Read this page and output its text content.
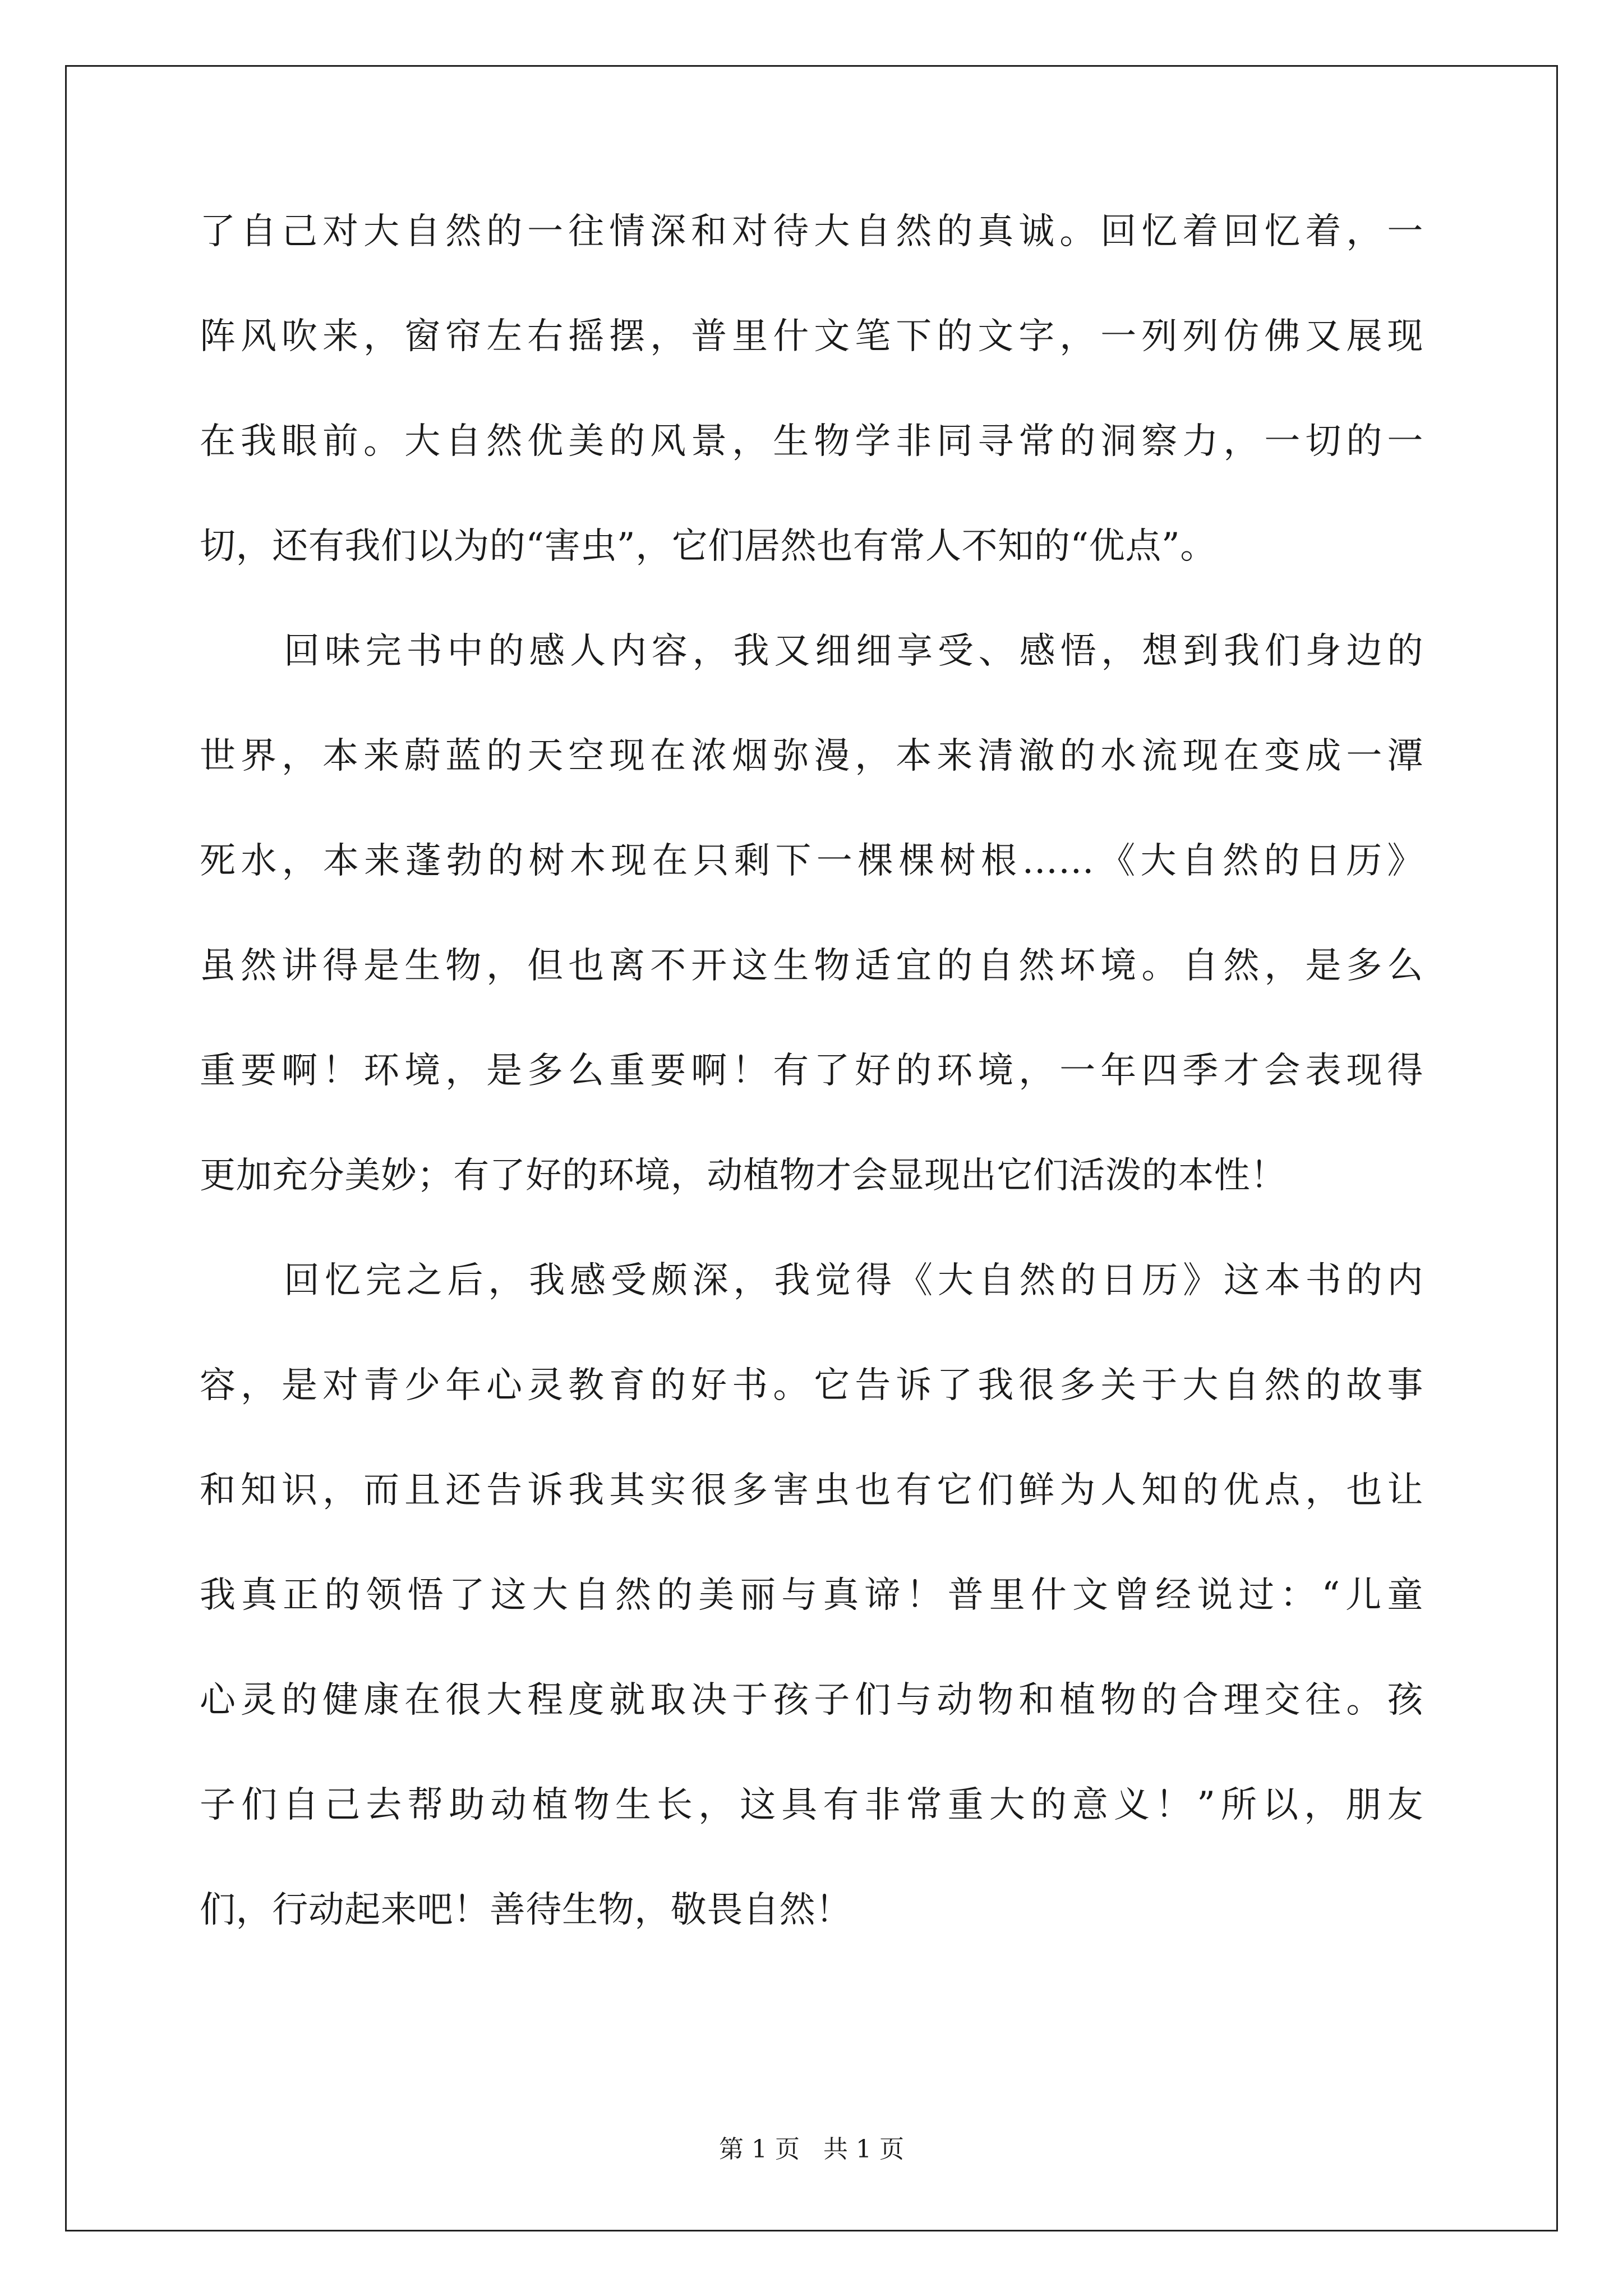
了自己对大自然的一往情深和对待大自然的真诚。回忆着回忆着，一
阵风吹来，窗帘左右摇摆，普里什文笔下的文字，一列列仿佛又展现
在我眼前。大自然优美的风景，生物学非同寻常的洞察力，一切的一
切，还有我们以为的“害虫”，它们居然也有常人不知的“优点”。
回味完书中的感人内容，我又细细享受、感悟，想到我们身边的
世界，本来蔚蓝的天空现在浓烟弥漫，本来清澈的水流现在变成一潭
死水，本来蓬勃的树木现在只剩下一棵棵树根……《大自然的日历》
虽然讲得是生物，但也离不开这生物适宜的自然坏境。自然，是多么
重要啊！环境，是多么重要啊！有了好的环境，一年四季才会表现得
更加充分美妙；有了好的环境，动植物才会显现出它们活泼的本性！
回忆完之后，我感受颇深，我觉得《大自然的日历》这本书的内
容，是对青少年心灵教育的好书。它告诉了我很多关于大自然的故事
和知识，而且还告诉我其实很多害虫也有它们鲜为人知的优点，也让
我真正的领悟了这大自然的美丽与真谛！普里什文曾经说过：“儿童
心灵的健康在很大程度就取决于孩子们与动物和植物的合理交往。孩
子们自己去帮助动植物生长，这具有非常重大的意义！”所以，朋友
们，行动起来吧！善待生物，敬畏自然！
第 1 页 共 1 页
